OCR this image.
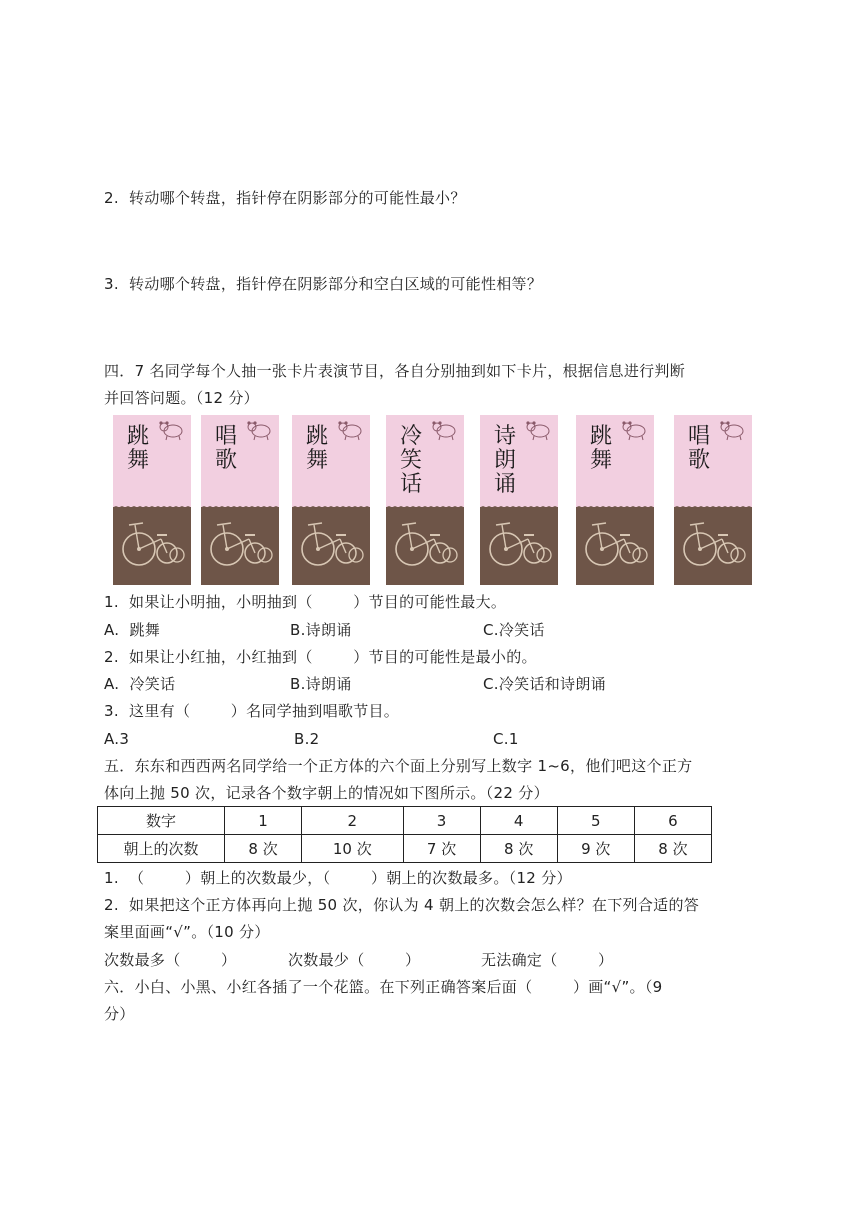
2.  转动哪个转盘，指针停在阴影部分的可能性最小？
3.  转动哪个转盘，指针停在阴影部分和空白区域的可能性相等？
四．7 名同学每个人抽一张卡片表演节目，各自分别抽到如下卡片，根据信息进行判断
并回答问题。（12 分）
跳舞
唱歌
跳舞
冷笑话
诗朗诵
跳舞
唱歌
1.  如果让小明抽，小明抽到（        ）节目的可能性最大。
A.  跳舞	B.诗朗诵	C.冷笑话
2.  如果让小红抽，小红抽到（        ）节目的可能性是最小的。
A.  冷笑话	B.诗朗诵	C.冷笑话和诗朗诵
3.  这里有（        ）名同学抽到唱歌节目。
A.3	B.2	C.1
五．东东和西西两名同学给一个正方体的六个面上分别写上数字 1~6，他们吧这个正方
体向上抛 50 次，记录各个数字朝上的情况如下图所示。（22 分）
数字	1	2	3	4	5	6
朝上的次数	8 次	10 次	7 次	8 次	9 次	8 次
1.  （        ）朝上的次数最少，（        ）朝上的次数最多。（12 分）
2.  如果把这个正方体再向上抛 50 次，你认为 4 朝上的次数会怎么样？在下列合适的答
案里面画“√”。（10 分）
次数最多（        ）	次数最少（        ）	无法确定（        ）
六．小白、小黑、小红各插了一个花篮。在下列正确答案后面（        ）画“√”。（9
分）
